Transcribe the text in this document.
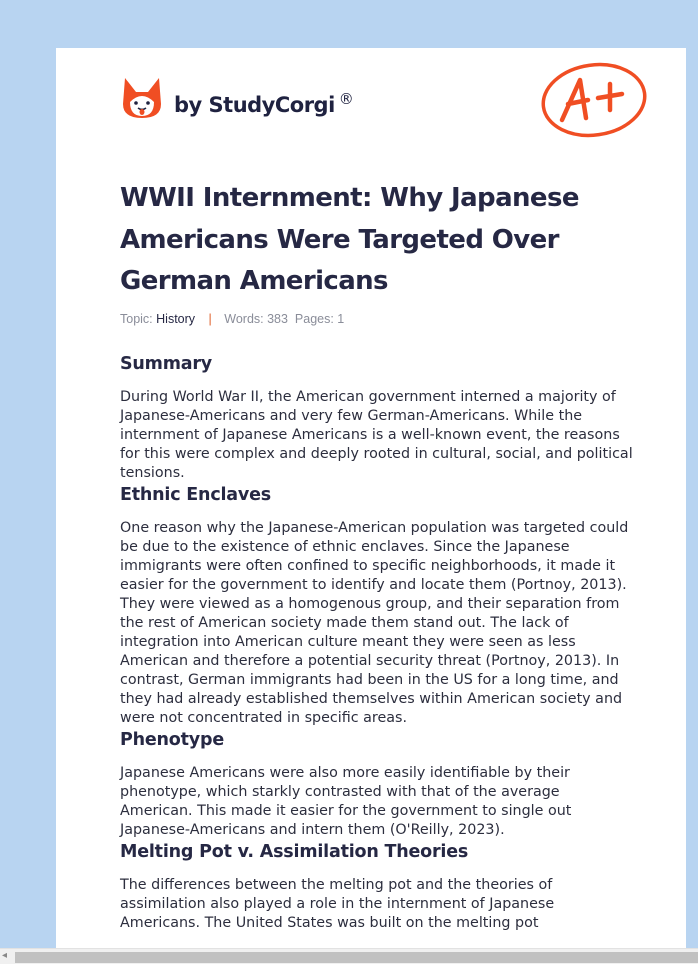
by StudyCorgi ®
WWII Internment: Why Japanese Americans Were Targeted Over German Americans
Topic: History | Words: 383 Pages: 1
Summary

During World War II, the American government interned a majority of Japanese-Americans and very few German-Americans. While the internment of Japanese Americans is a well-known event, the reasons for this were complex and deeply rooted in cultural, social, and political tensions.

Ethnic Enclaves

One reason why the Japanese-American population was targeted could be due to the existence of ethnic enclaves. Since the Japanese immigrants were often confined to specific neighborhoods, it made it easier for the government to identify and locate them (Portnoy, 2013). They were viewed as a homogenous group, and their separation from the rest of American society made them stand out. The lack of integration into American culture meant they were seen as less American and therefore a potential security threat (Portnoy, 2013). In contrast, German immigrants had been in the US for a long time, and they had already established themselves within American society and were not concentrated in specific areas.

Phenotype

Japanese Americans were also more easily identifiable by their phenotype, which starkly contrasted with that of the average American. This made it easier for the government to single out Japanese-Americans and intern them (O'Reilly, 2023).

Melting Pot v. Assimilation Theories

The differences between the melting pot and the theories of assimilation also played a role in the internment of Japanese Americans. The United States was built on the melting pot

◂
